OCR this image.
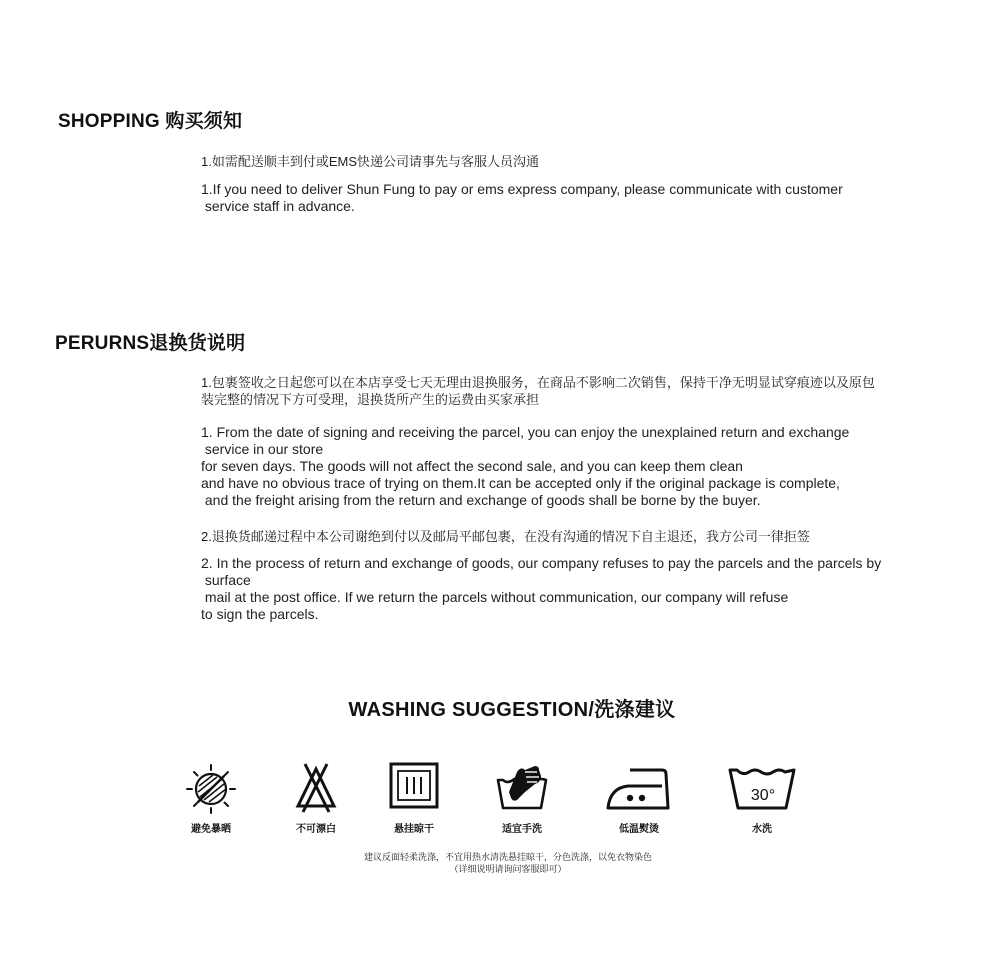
SHOPPING 购买须知

1.如需配送顺丰到付或EMS快递公司请事先与客服人员沟通

1.If you need to deliver Shun Fung to pay or ems express company, please communicate with customer
service staff in advance.

PERURNS退换货说明

1.包裹签收之日起您可以在本店享受七天无理由退换服务，在商品不影响二次销售，保持干净无明显试穿痕迹以及原包
装完整的情况下方可受理，退换货所产生的运费由买家承担

1. From the date of signing and receiving the parcel, you can enjoy the unexplained return and exchange
service in our store
for seven days. The goods will not affect the second sale, and you can keep them clean
and have no obvious trace of trying on them.It can be accepted only if the original package is complete,
and the freight arising from the return and exchange of goods shall be borne by the buyer.

2.退换货邮递过程中本公司谢绝到付以及邮局平邮包裹，在没有沟通的情况下自主退还，我方公司一律拒签

2. In the process of return and exchange of goods, our company refuses to pay the parcels and the parcels by
surface
mail at the post office. If we return the parcels without communication, our company will refuse
to sign the parcels.

WASHING SUGGESTION/洗涤建议
避免暴晒	不可漂白	悬挂晾干	适宜手洗	低温熨烫
30°
水洗
建议反面轻柔洗涤，不宜用热水清洗悬挂晾干，分色洗涤，以免衣物染色
（详细说明请询问客服即可）
